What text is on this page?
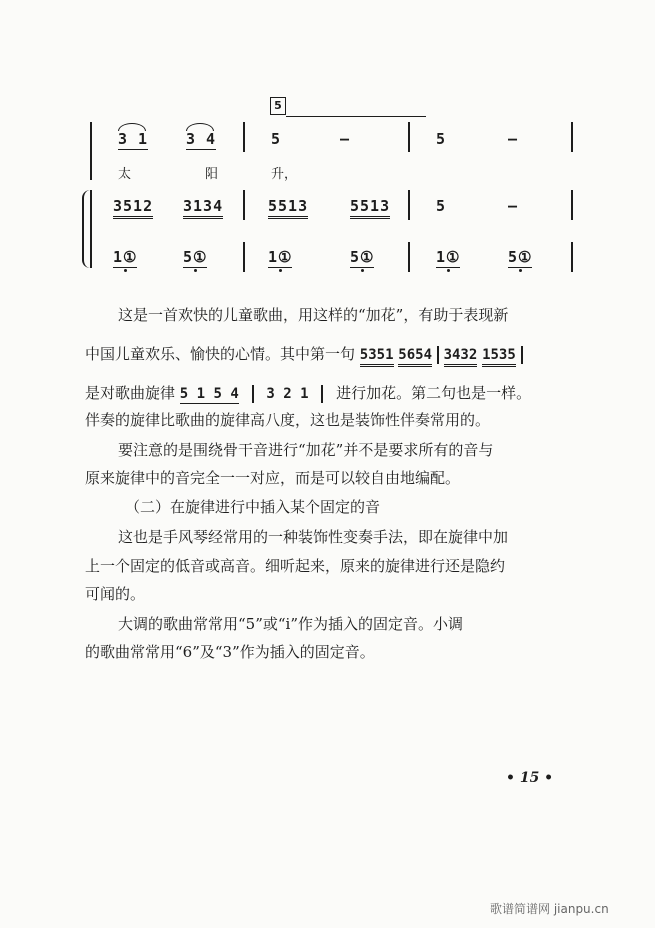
5
3 1	3 4	5	–	5	–
太	阳	升，
3512 3134	5513	5513	5	–
1①	5①	1①	5①	1①	5①
这是一首欢快的儿童歌曲，用这样的“加花”，有助于表现新
中国儿童欢乐、愉快的心情。其中第一句 5351 5654 3432 1535
是对歌曲旋律 5 1 5 4 3 2 1 进行加花。第二句也是一样。
伴奏的旋律比歌曲的旋律高八度，这也是装饰性伴奏常用的。
要注意的是围绕骨干音进行“加花”并不是要求所有的音与
原来旋律中的音完全一一对应，而是可以较自由地编配。
（二）在旋律进行中插入某个固定的音
这也是手风琴经常用的一种装饰性变奏手法，即在旋律中加
上一个固定的低音或高音。细听起来，原来的旋律进行还是隐约
可闻的。
大调的歌曲常常用“5”或“i”作为插入的固定音。小调
的歌曲常常用“6”及“3”作为插入的固定音。
• 15 •
歌谱简谱网 jianpu.cn
